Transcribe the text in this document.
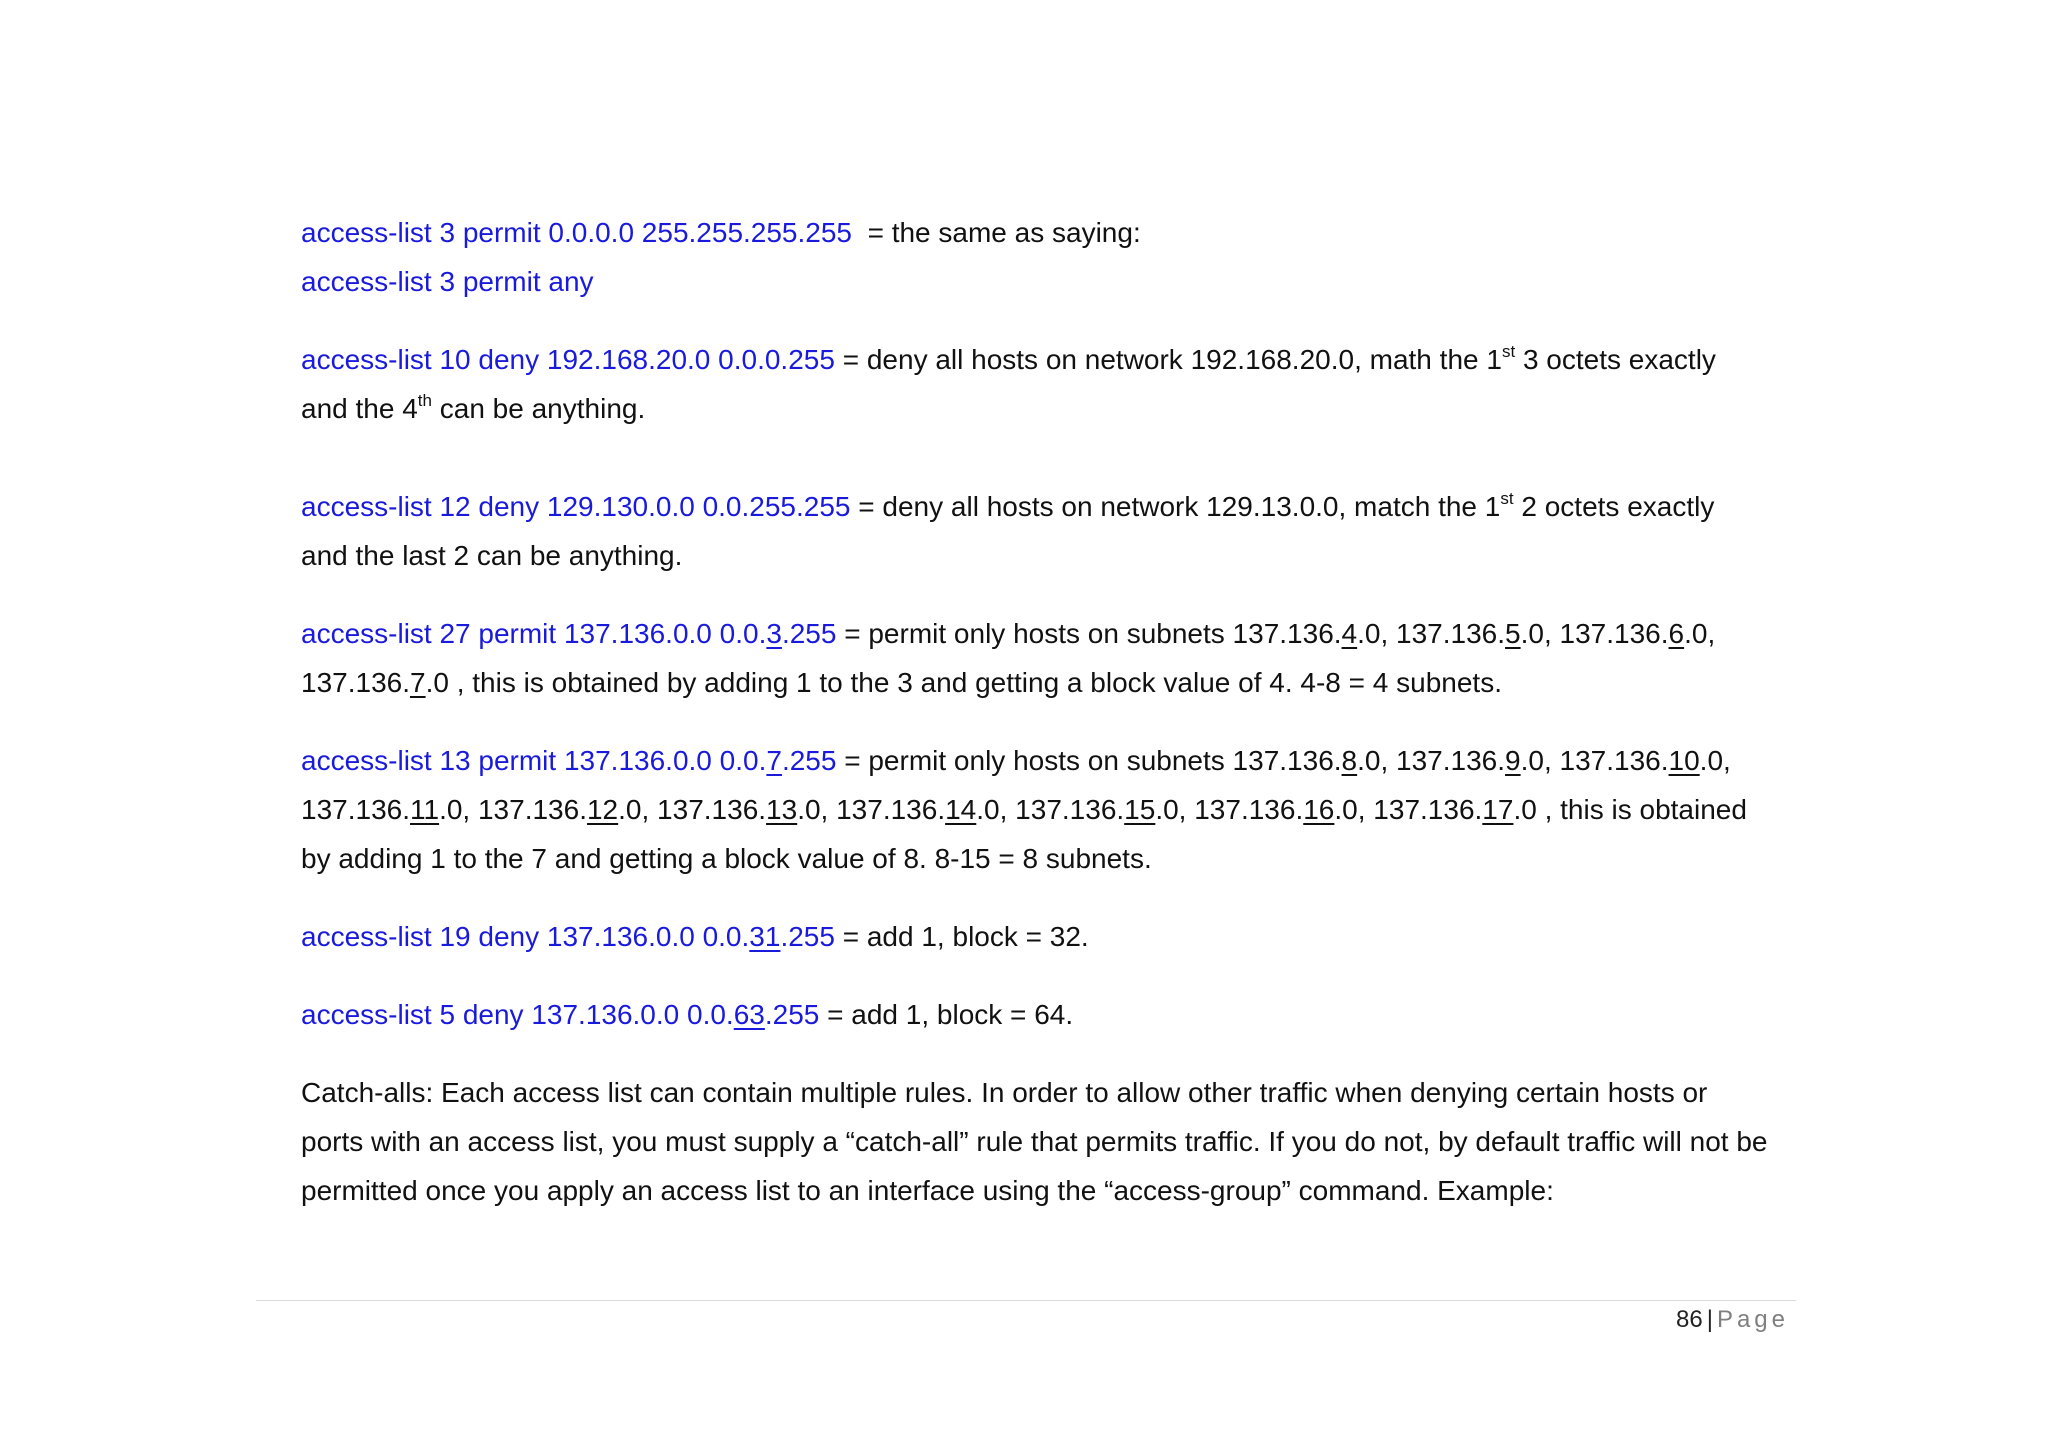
access-list 3 permit 0.0.0.0 255.255.255.255  = the same as saying:
access-list 3 permit any
access-list 10 deny 192.168.20.0 0.0.0.255 = deny all hosts on network 192.168.20.0, math the 1st 3 octets exactly
and the 4th can be anything.
access-list 12 deny 129.130.0.0 0.0.255.255 = deny all hosts on network 129.13.0.0, match the 1st 2 octets exactly
and the last 2 can be anything.
access-list 27 permit 137.136.0.0 0.0.3.255 = permit only hosts on subnets 137.136.4.0, 137.136.5.0, 137.136.6.0,
137.136.7.0 , this is obtained by adding 1 to the 3 and getting a block value of 4. 4-8 = 4 subnets.
access-list 13 permit 137.136.0.0 0.0.7.255 = permit only hosts on subnets 137.136.8.0, 137.136.9.0, 137.136.10.0,
137.136.11.0, 137.136.12.0, 137.136.13.0, 137.136.14.0, 137.136.15.0, 137.136.16.0, 137.136.17.0 , this is obtained
by adding 1 to the 7 and getting a block value of 8. 8-15 = 8 subnets.
access-list 19 deny 137.136.0.0 0.0.31.255 = add 1, block = 32.
access-list 5 deny 137.136.0.0 0.0.63.255 = add 1, block = 64.
Catch-alls: Each access list can contain multiple rules. In order to allow other traffic when denying certain hosts or
ports with an access list, you must supply a “catch-all” rule that permits traffic. If you do not, by default traffic will not be
permitted once you apply an access list to an interface using the “access-group” command. Example:
86 | Page
